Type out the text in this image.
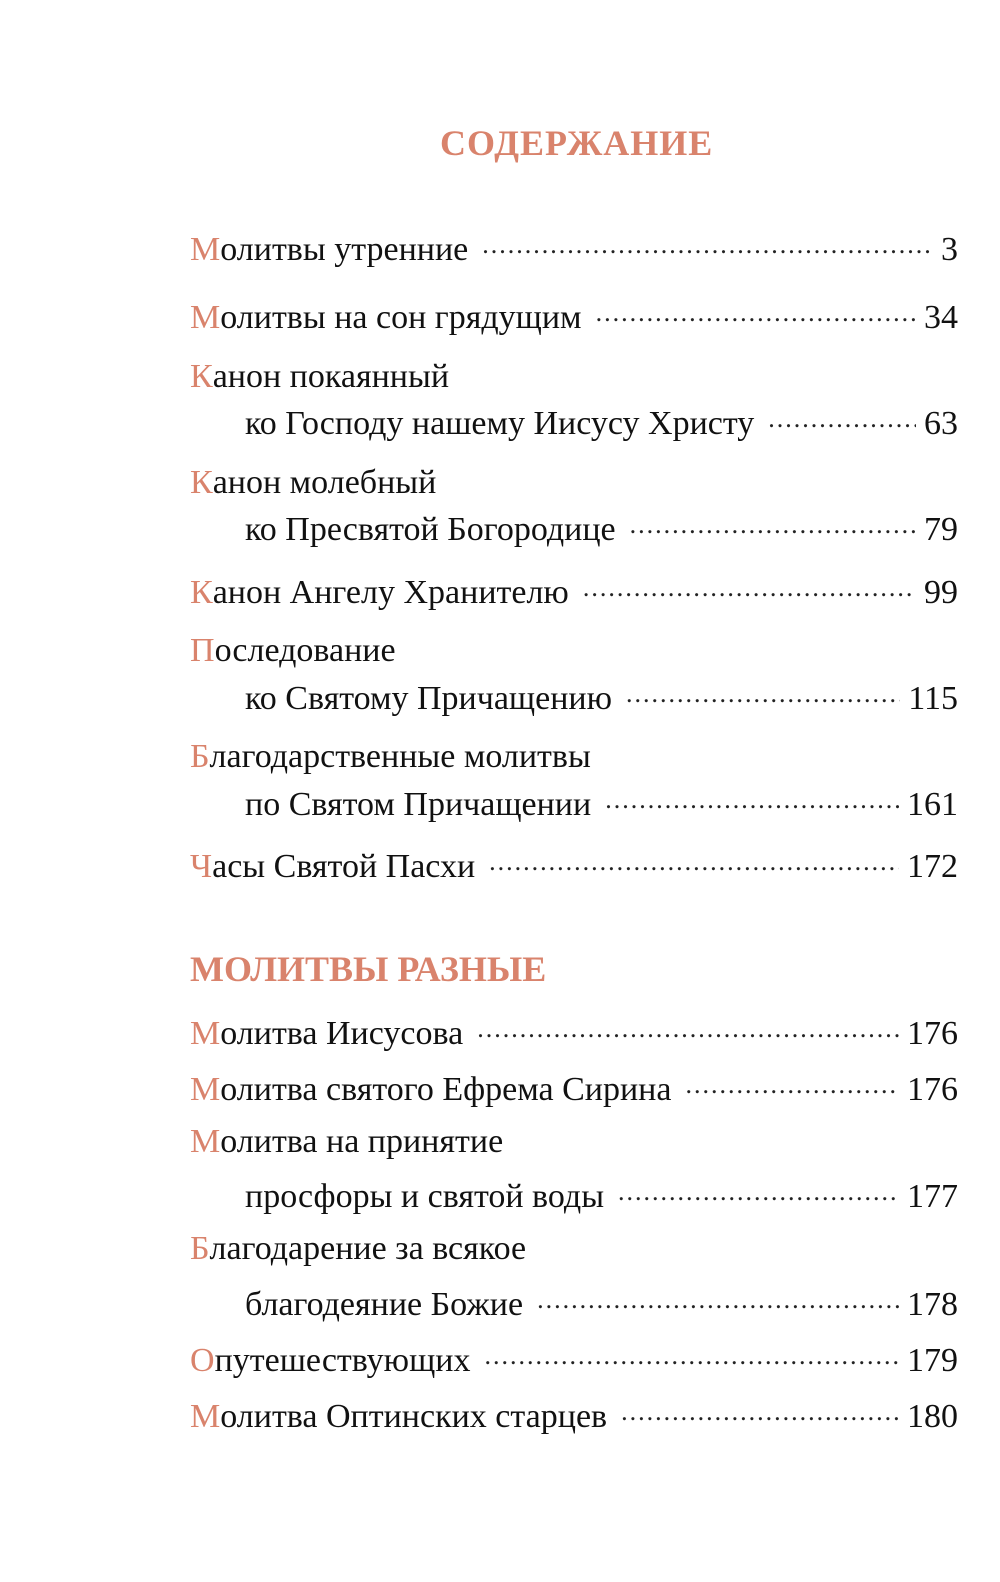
СОДЕРЖАНИЕ
М олитвы утренние .....	3
М олитвы на сон грядущим .....	34
К анон покаянный
ко Господу нашему Иисусу Христу .....	63
К анон молебный
ко Пресвятой Богородице .....	79
К анон Ангелу Хранителю .....	99
П оследование
ко Святому Причащению .....	115
Б лагодарственные молитвы
по Святом Причащении .....	161
Ч асы Святой Пасхи .....	172
МОЛИТВЫ РАЗНЫЕ
М олитва Иисусова .....	176
М олитва святого Ефрема Сирина .....	176
М олитва на принятие
просфоры и святой воды .....	177
Б лагодарение за всякое
благодеяние Божие .....	178
О путешествующих .....	179
М олитва Оптинских старцев .....	180
